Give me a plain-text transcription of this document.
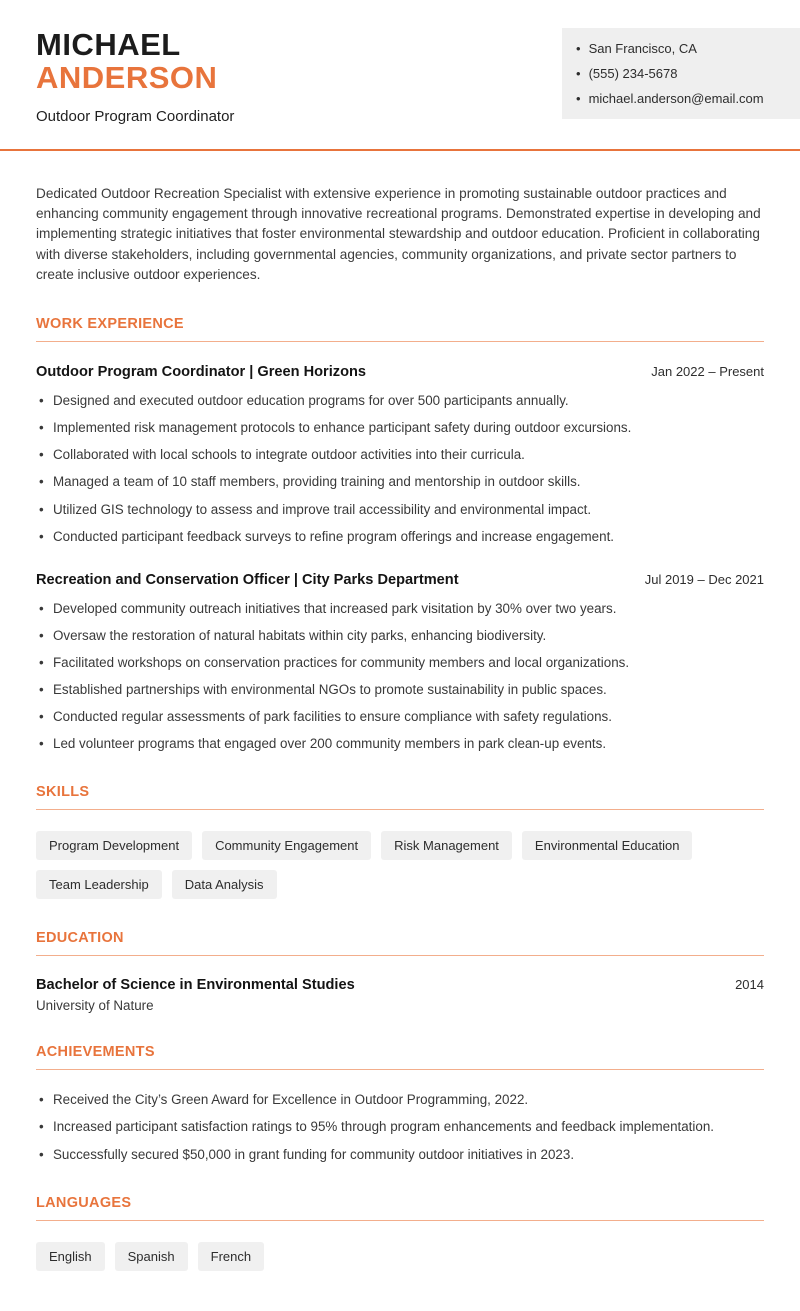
MICHAEL
ANDERSON
Outdoor Program Coordinator
• San Francisco, CA
• (555) 234-5678
• michael.anderson@email.com

Dedicated Outdoor Recreation Specialist with extensive experience in promoting sustainable outdoor practices and enhancing community engagement through innovative recreational programs. Demonstrated expertise in developing and implementing strategic initiatives that foster environmental stewardship and outdoor education. Proficient in collaborating with diverse stakeholders, including governmental agencies, community organizations, and private sector partners to create inclusive outdoor experiences.

WORK EXPERIENCE
Outdoor Program Coordinator | Green Horizons	Jan 2022 – Present
• Designed and executed outdoor education programs for over 500 participants annually.
• Implemented risk management protocols to enhance participant safety during outdoor excursions.
• Collaborated with local schools to integrate outdoor activities into their curricula.
• Managed a team of 10 staff members, providing training and mentorship in outdoor skills.
• Utilized GIS technology to assess and improve trail accessibility and environmental impact.
• Conducted participant feedback surveys to refine program offerings and increase engagement.
Recreation and Conservation Officer | City Parks Department	Jul 2019 – Dec 2021
• Developed community outreach initiatives that increased park visitation by 30% over two years.
• Oversaw the restoration of natural habitats within city parks, enhancing biodiversity.
• Facilitated workshops on conservation practices for community members and local organizations.
• Established partnerships with environmental NGOs to promote sustainability in public spaces.
• Conducted regular assessments of park facilities to ensure compliance with safety regulations.
• Led volunteer programs that engaged over 200 community members in park clean-up events.
SKILLS
Program Development	Community Engagement	Risk Management	Environmental Education
Team Leadership	Data Analysis
EDUCATION
Bachelor of Science in Environmental Studies	2014
University of Nature
ACHIEVEMENTS
• Received the City’s Green Award for Excellence in Outdoor Programming, 2022.
• Increased participant satisfaction ratings to 95% through program enhancements and feedback implementation.
• Successfully secured $50,000 in grant funding for community outdoor initiatives in 2023.
LANGUAGES
English	Spanish	French
